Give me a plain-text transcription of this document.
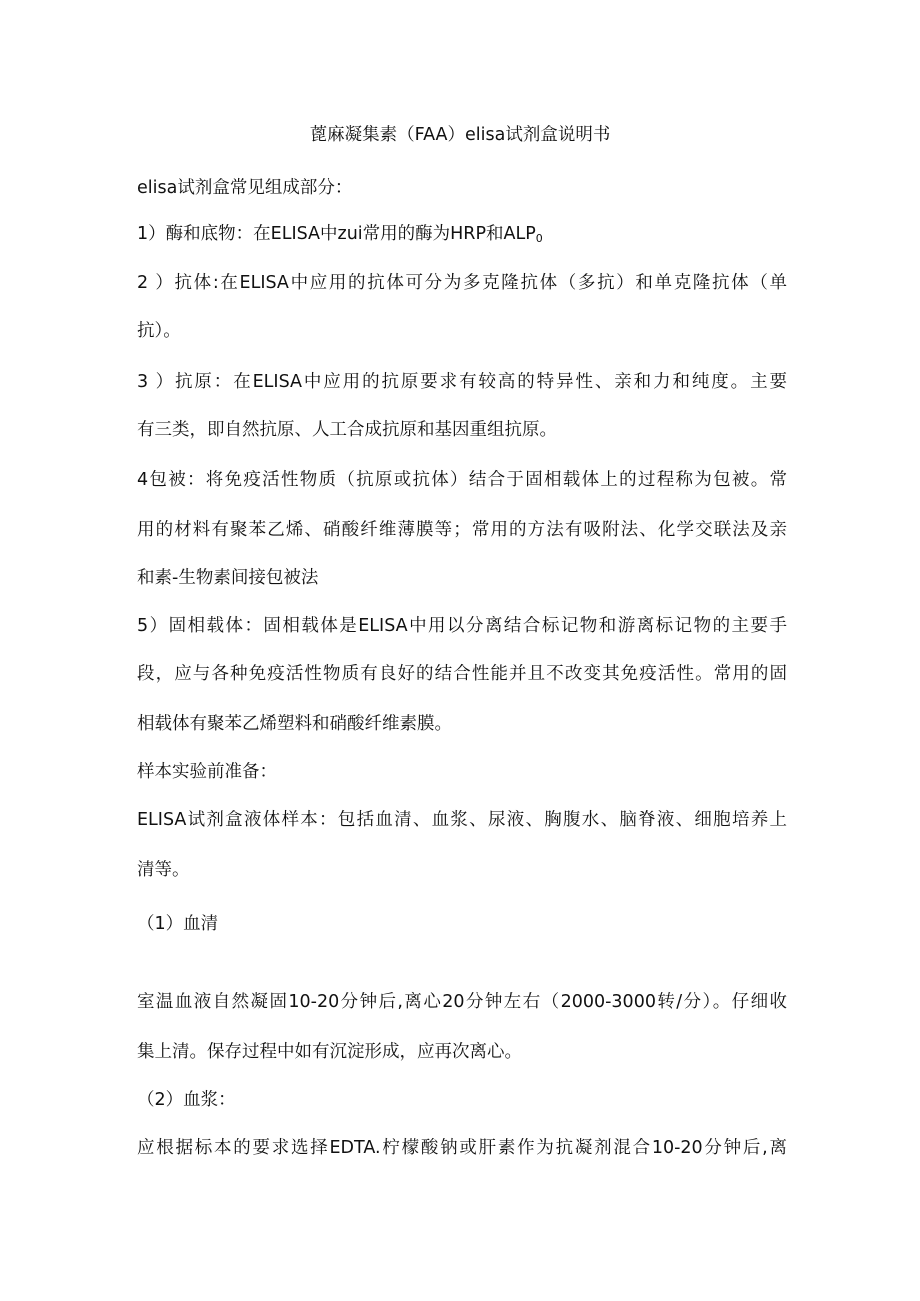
蓖麻凝集素（FAA）elisa试剂盒说明书
elisa试剂盒常见组成部分：
1）酶和底物：在ELISA中zui常用的酶为HRP和$ALP_0$
2 ）抗体:在ELISA中应用的抗体可分为多克隆抗体（多抗）和单克隆抗体（单
抗）。
3 ）抗原：在ELISA中应用的抗原要求有较高的特异性、亲和力和纯度。主要
有三类，即自然抗原、人工合成抗原和基因重组抗原。
4包被：将免疫活性物质（抗原或抗体）结合于固相载体上的过程称为包被。常
用的材料有聚苯乙烯、硝酸纤维薄膜等；常用的方法有吸附法、化学交联法及亲
和素-生物素间接包被法
5）固相载体：固相载体是ELISA中用以分离结合标记物和游离标记物的主要手
段，应与各种免疫活性物质有良好的结合性能并且不改变其免疫活性。常用的固
相载体有聚苯乙烯塑料和硝酸纤维素膜。
样本实验前准备：
ELISA试剂盒液体样本：包括血清、血浆、尿液、胸腹水、脑脊液、细胞培养上
清等。
（1）血清
室温血液自然凝固10-20分钟后,离心20分钟左右（2000-3000转/分）。仔细收
集上清。保存过程中如有沉淀形成，应再次离心。
（2）血浆：
应根据标本的要求选择EDTA.柠檬酸钠或肝素作为抗凝剂混合10-20分钟后,离
